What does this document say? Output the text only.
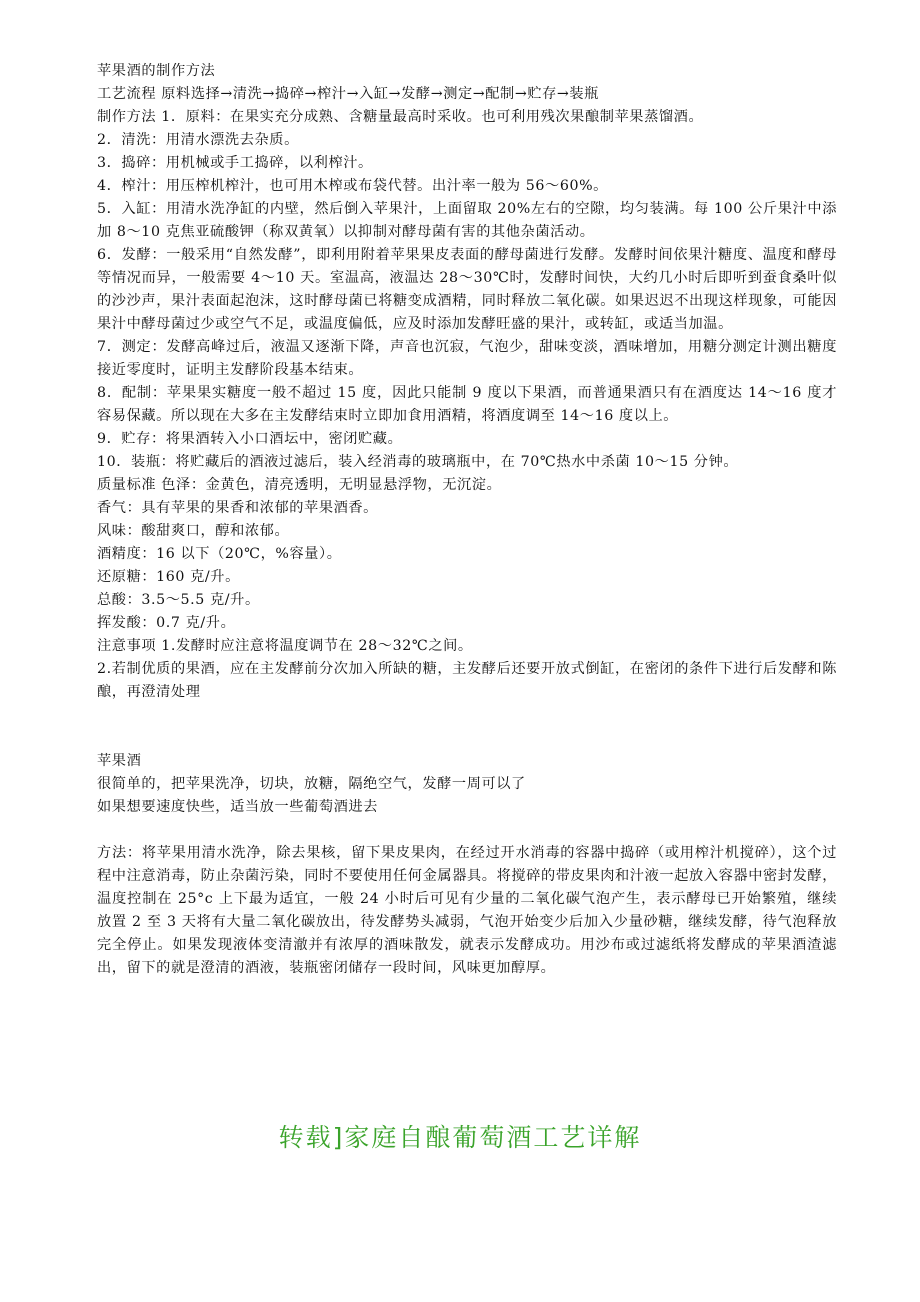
苹果酒的制作方法

工艺流程 原料选择→清洗→捣碎→榨汁→入缸→发酵→测定→配制→贮存→装瓶

制作方法 1．原料：在果实充分成熟、含糖量最高时采收。也可利用残次果酿制苹果蒸馏酒。

2．清洗：用清水漂洗去杂质。

3．捣碎：用机械或手工捣碎，以利榨汁。

4．榨汁：用压榨机榨汁，也可用木榨或布袋代替。出汁率一般为 56～60%。

5．入缸：用清水洗净缸的内壁，然后倒入苹果汁，上面留取 20%左右的空隙，均匀装满。每 100 公斤果汁中添加 8～10 克焦亚硫酸钾（称双黄氧）以抑制对酵母菌有害的其他杂菌活动。

6．发酵：一般采用“自然发酵”，即利用附着苹果果皮表面的酵母菌进行发酵。发酵时间依果汁糖度、温度和酵母等情况而异，一般需要 4～10 天。室温高，液温达 28～30℃时，发酵时间快，大约几小时后即听到蚕食桑叶似的沙沙声，果汁表面起泡沫，这时酵母菌已将糖变成酒精，同时释放二氧化碳。如果迟迟不出现这样现象，可能因果汁中酵母菌过少或空气不足，或温度偏低，应及时添加发酵旺盛的果汁，或转缸，或适当加温。

7．测定：发酵高峰过后，液温又逐渐下降，声音也沉寂，气泡少，甜味变淡，酒味增加，用糖分测定计测出糖度接近零度时，证明主发酵阶段基本结束。

8．配制：苹果果实糖度一般不超过 15 度，因此只能制 9 度以下果酒，而普通果酒只有在酒度达 14～16 度才容易保藏。所以现在大多在主发酵结束时立即加食用酒精，将酒度调至 14～16 度以上。

9．贮存：将果酒转入小口酒坛中，密闭贮藏。

10．装瓶：将贮藏后的酒液过滤后，装入经消毒的玻璃瓶中，在 70℃热水中杀菌 10～15 分钟。

质量标准 色泽：金黄色，清亮透明，无明显悬浮物，无沉淀。

香气：具有苹果的果香和浓郁的苹果酒香。

风味：酸甜爽口，醇和浓郁。

酒精度：16 以下（20℃，%容量）。

还原糖：160 克/升。

总酸：3.5～5.5 克/升。

挥发酸：0.7 克/升。

注意事项 1.发酵时应注意将温度调节在 28～32℃之间。

2.若制优质的果酒，应在主发酵前分次加入所缺的糖，主发酵后还要开放式倒缸，在密闭的条件下进行后发酵和陈酿，再澄清处理

苹果酒

很简单的，把苹果洗净，切块，放糖，隔绝空气，发酵一周可以了

如果想要速度快些，适当放一些葡萄酒进去

方法：将苹果用清水洗净，除去果核，留下果皮果肉，在经过开水消毒的容器中捣碎（或用榨汁机搅碎），这个过程中注意消毒，防止杂菌污染，同时不要使用任何金属器具。将搅碎的带皮果肉和汁液一起放入容器中密封发酵，温度控制在 25°c 上下最为适宜，一般 24 小时后可见有少量的二氧化碳气泡产生，表示酵母已开始繁殖，继续放置 2 至 3 天将有大量二氧化碳放出，待发酵势头减弱，气泡开始变少后加入少量砂糖，继续发酵，待气泡释放完全停止。如果发现液体变清澈并有浓厚的酒味散发，就表示发酵成功。用沙布或过滤纸将发酵成的苹果酒渣滤出，留下的就是澄清的酒液，装瓶密闭储存一段时间，风味更加醇厚。

转载]家庭自酿葡萄酒工艺详解
